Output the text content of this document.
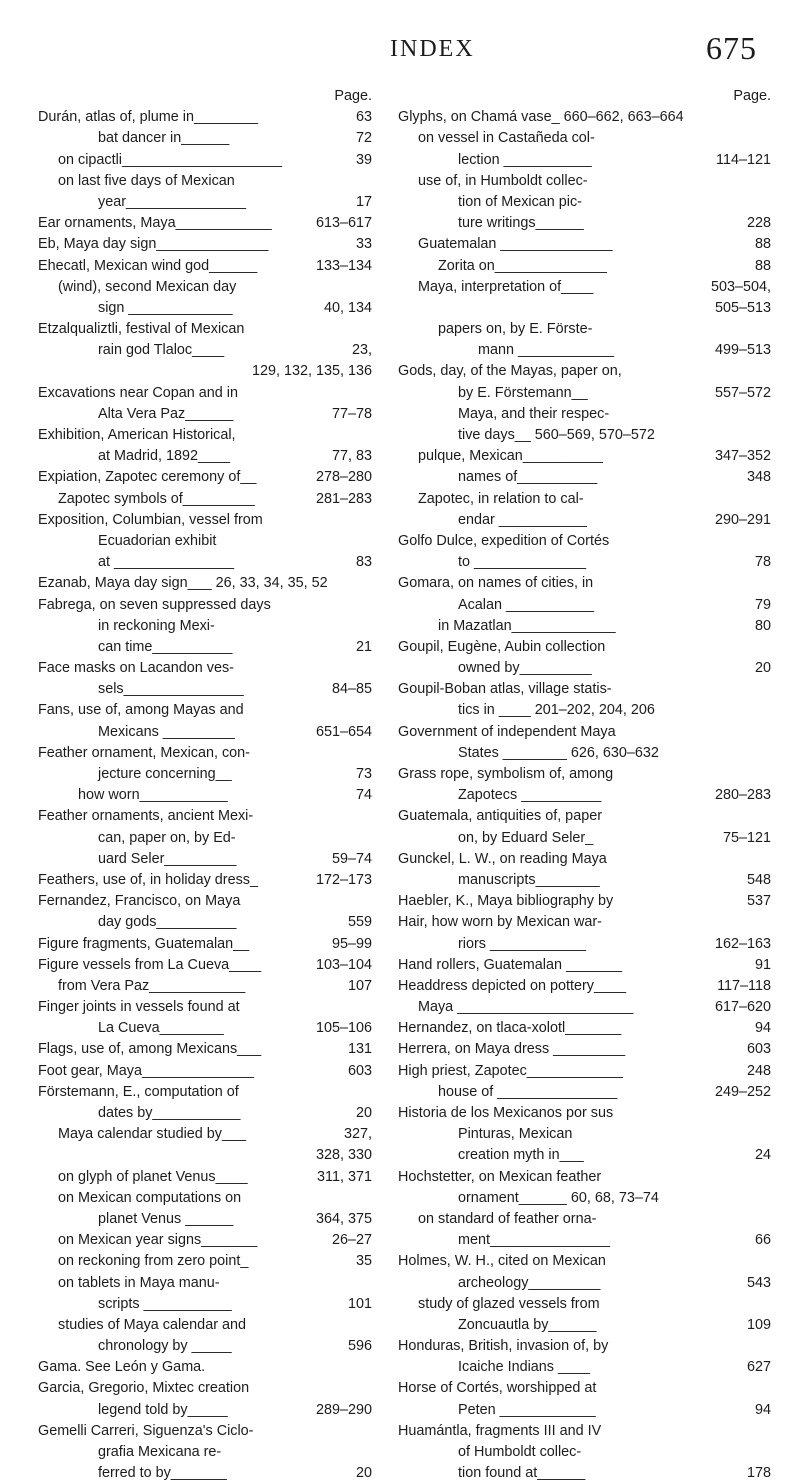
INDEX	675
Page.
Durán, atlas of, plume in________	63
bat dancer in______	72
on cipactli____________________	39
on last five days of Mexican
year_______________	17
Ear ornaments, Maya____________	613–617
Eb, Maya day sign______________	33
Ehecatl, Mexican wind god______	133–134
(wind), second Mexican day
sign _____________	40, 134
Etzalqualiztli, festival of Mexican
rain god Tlaloc____	23,
129, 132, 135, 136
Excavations near Copan and in
Alta Vera Paz______	77–78
Exhibition, American Historical,
at Madrid, 1892____	77, 83
Expiation, Zapotec ceremony of__	278–280
Zapotec symbols of_________	281–283
Exposition, Columbian, vessel from
Ecuadorian exhibit
at _______________	83
Ezanab, Maya day sign___ 26, 33, 34, 35, 52
Fabrega, on seven suppressed days
in reckoning Mexi-
can time__________	21
Face masks on Lacandon ves-
sels_______________	84–85
Fans, use of, among Mayas and
Mexicans _________	651–654
Feather ornament, Mexican, con-
jecture concerning__	73
how worn___________	74
Feather ornaments, ancient Mexi-
can, paper on, by Ed-
uard Seler_________	59–74
Feathers, use of, in holiday dress_	172–173
Fernandez, Francisco, on Maya
day gods__________	559
Figure fragments, Guatemalan__	95–99
Figure vessels from La Cueva____	103–104
from Vera Paz____________	107
Finger joints in vessels found at
La Cueva________	105–106
Flags, use of, among Mexicans___	131
Foot gear, Maya______________	603
Förstemann, E., computation of
dates by___________	20
Maya calendar studied by___	327,
328, 330
on glyph of planet Venus____	311, 371
on Mexican computations on
planet Venus ______	364, 375
on Mexican year signs_______	26–27
on reckoning from zero point_	35
on tablets in Maya manu-
scripts ___________	101
studies of Maya calendar and
chronology by _____	596
Gama. See León y Gama.
Garcia, Gregorio, Mixtec creation
legend told by_____	289–290
Gemelli Carreri, Siguenza's Ciclo-
grafia Mexicana re-
ferred to by_______	20
Page.
Glyphs, on Chamá vase_ 660–662, 663–664
on vessel in Castañeda col-
lection ___________	114–121
use of, in Humboldt collec-
tion of Mexican pic-
ture writings______	228
Guatemalan ______________	88
Zorita on______________	88
Maya, interpretation of____	503–504,
505–513
papers on, by E. Förste-
mann ____________	499–513
Gods, day, of the Mayas, paper on,
by E. Förstemann__	557–572
Maya, and their respec-
tive days__ 560–569, 570–572
pulque, Mexican__________	347–352
names of__________	348
Zapotec, in relation to cal-
endar ___________	290–291
Golfo Dulce, expedition of Cortés
to ______________	78
Gomara, on names of cities, in
Acalan ___________	79
in Mazatlan_____________	80
Goupil, Eugène, Aubin collection
owned by_________	20
Goupil-Boban atlas, village statis-
tics in ____ 201–202, 204, 206
Government of independent Maya
States ________ 626, 630–632
Grass rope, symbolism of, among
Zapotecs __________	280–283
Guatemala, antiquities of, paper
on, by Eduard Seler_	75–121
Gunckel, L. W., on reading Maya
manuscripts________	548
Haebler, K., Maya bibliography by	537
Hair, how worn by Mexican war-
riors ____________	162–163
Hand rollers, Guatemalan _______	91
Headdress depicted on pottery____	117–118
Maya ______________________	617–620
Hernandez, on tlaca-xolotl_______	94
Herrera, on Maya dress _________	603
High priest, Zapotec____________	248
house of _______________	249–252
Historia de los Mexicanos por sus
Pinturas, Mexican
creation myth in___	24
Hochstetter, on Mexican feather
ornament______ 60, 68, 73–74
on standard of feather orna-
ment_______________	66
Holmes, W. H., cited on Mexican
archeology_________	543
study of glazed vessels from
Zoncuautla by______	109
Honduras, British, invasion of, by
Icaiche Indians ____	627
Horse of Cortés, worshipped at
Peten ____________	94
Huamántla, fragments III and IV
of Humboldt collec-
tion found at______	178
